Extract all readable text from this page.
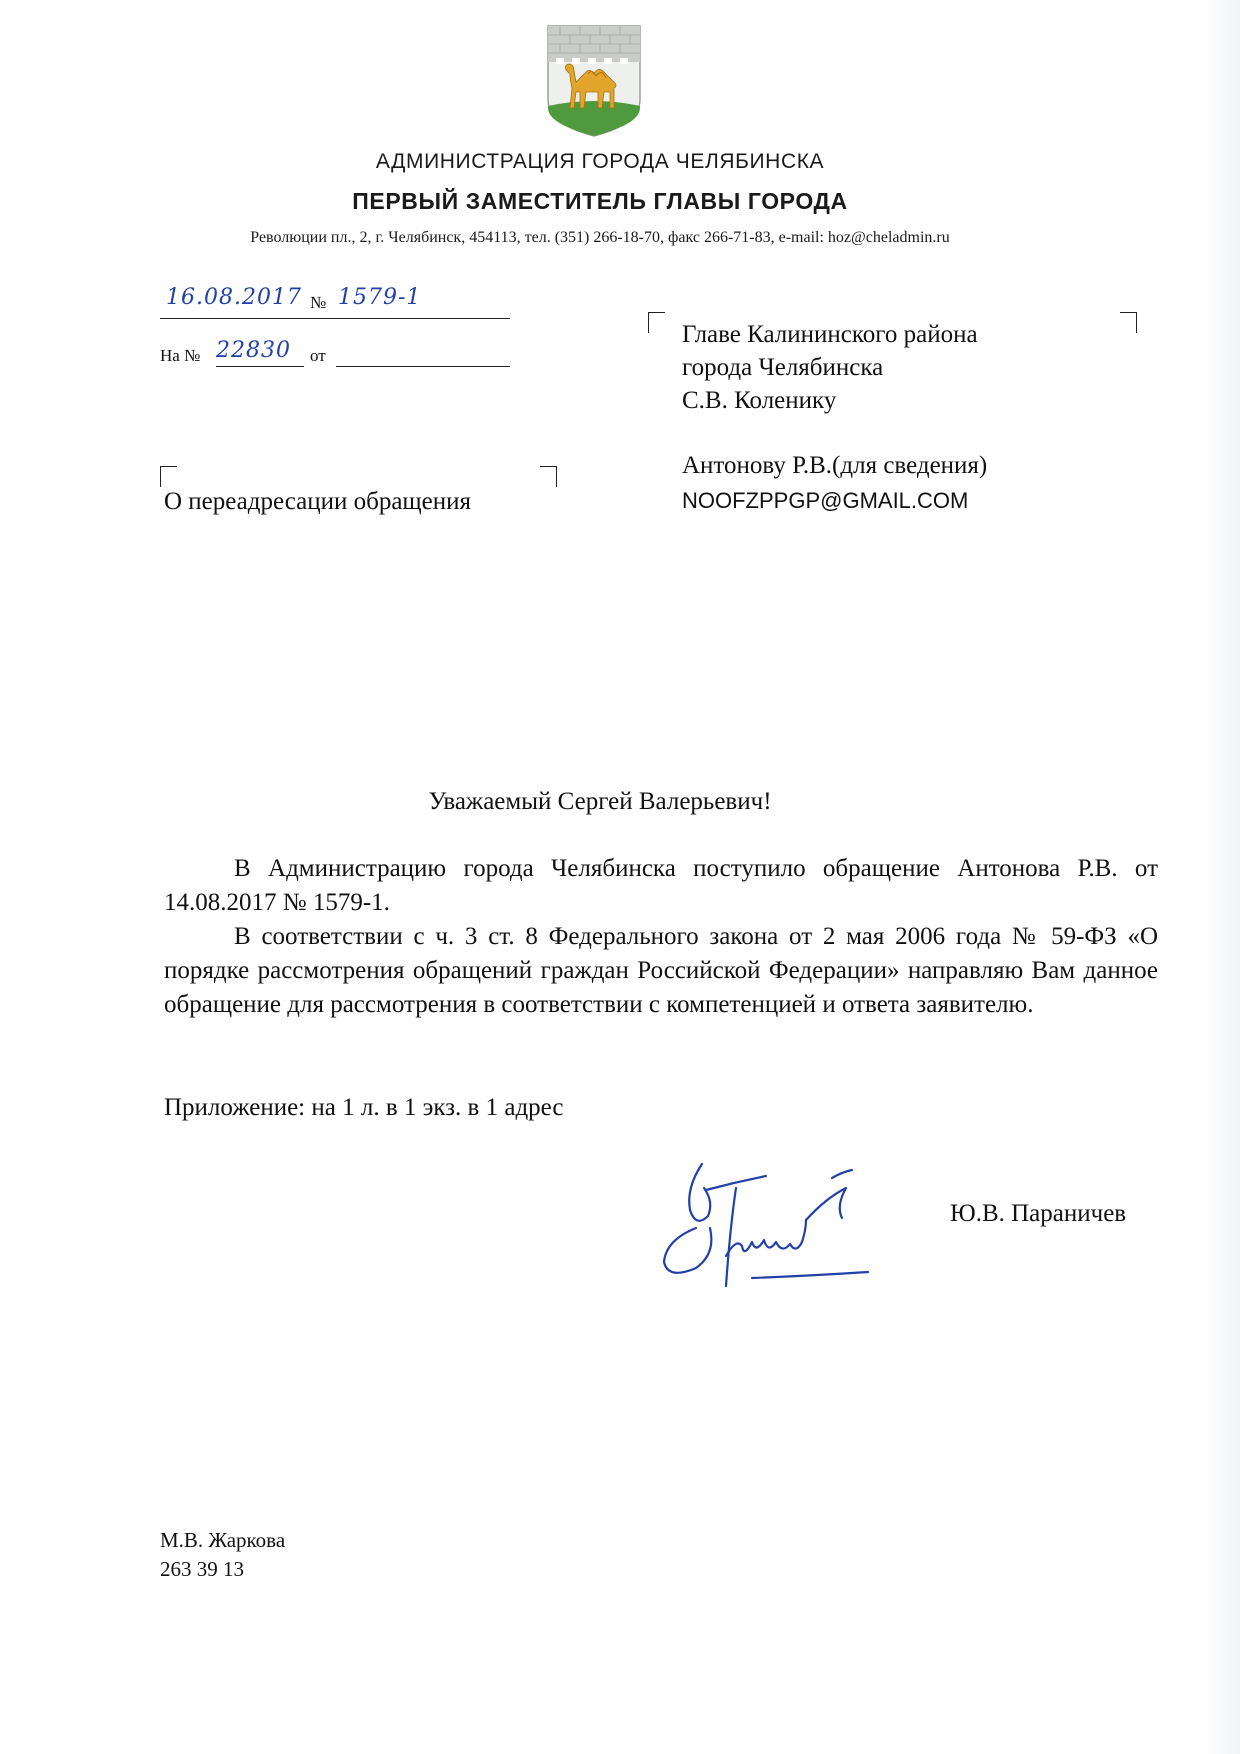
АДМИНИСТРАЦИЯ ГОРОДА ЧЕЛЯБИНСКА
ПЕРВЫЙ ЗАМЕСТИТЕЛЬ ГЛАВЫ ГОРОДА
Революции пл., 2, г. Челябинск, 454113, тел. (351) 266-18-70, факс 266-71-83, e-mail: hoz@cheladmin.ru
16.08.2017 № 1579-1
На № 22830 от
Главе Калининского района
города Челябинска
С.В. Коленику
Антонову Р.В.(для сведения)
NOOFZPPGP@GMAIL.COM
О переадресации обращения
Уважаемый Сергей Валерьевич!

В Администрацию города Челябинска поступило обращение Антонова Р.В. от 14.08.2017 № 1579-1.

В соответствии с ч. 3 ст. 8 Федерального закона от 2 мая 2006 года № 59-ФЗ «О порядке рассмотрения обращений граждан Российской Федерации» направляю Вам данное обращение для рассмотрения в соответствии с компетенцией и ответа заявителю.

Приложение: на 1 л. в 1 экз. в 1 адрес
Ю.В. Параничев
М.В. Жаркова
263 39 13
